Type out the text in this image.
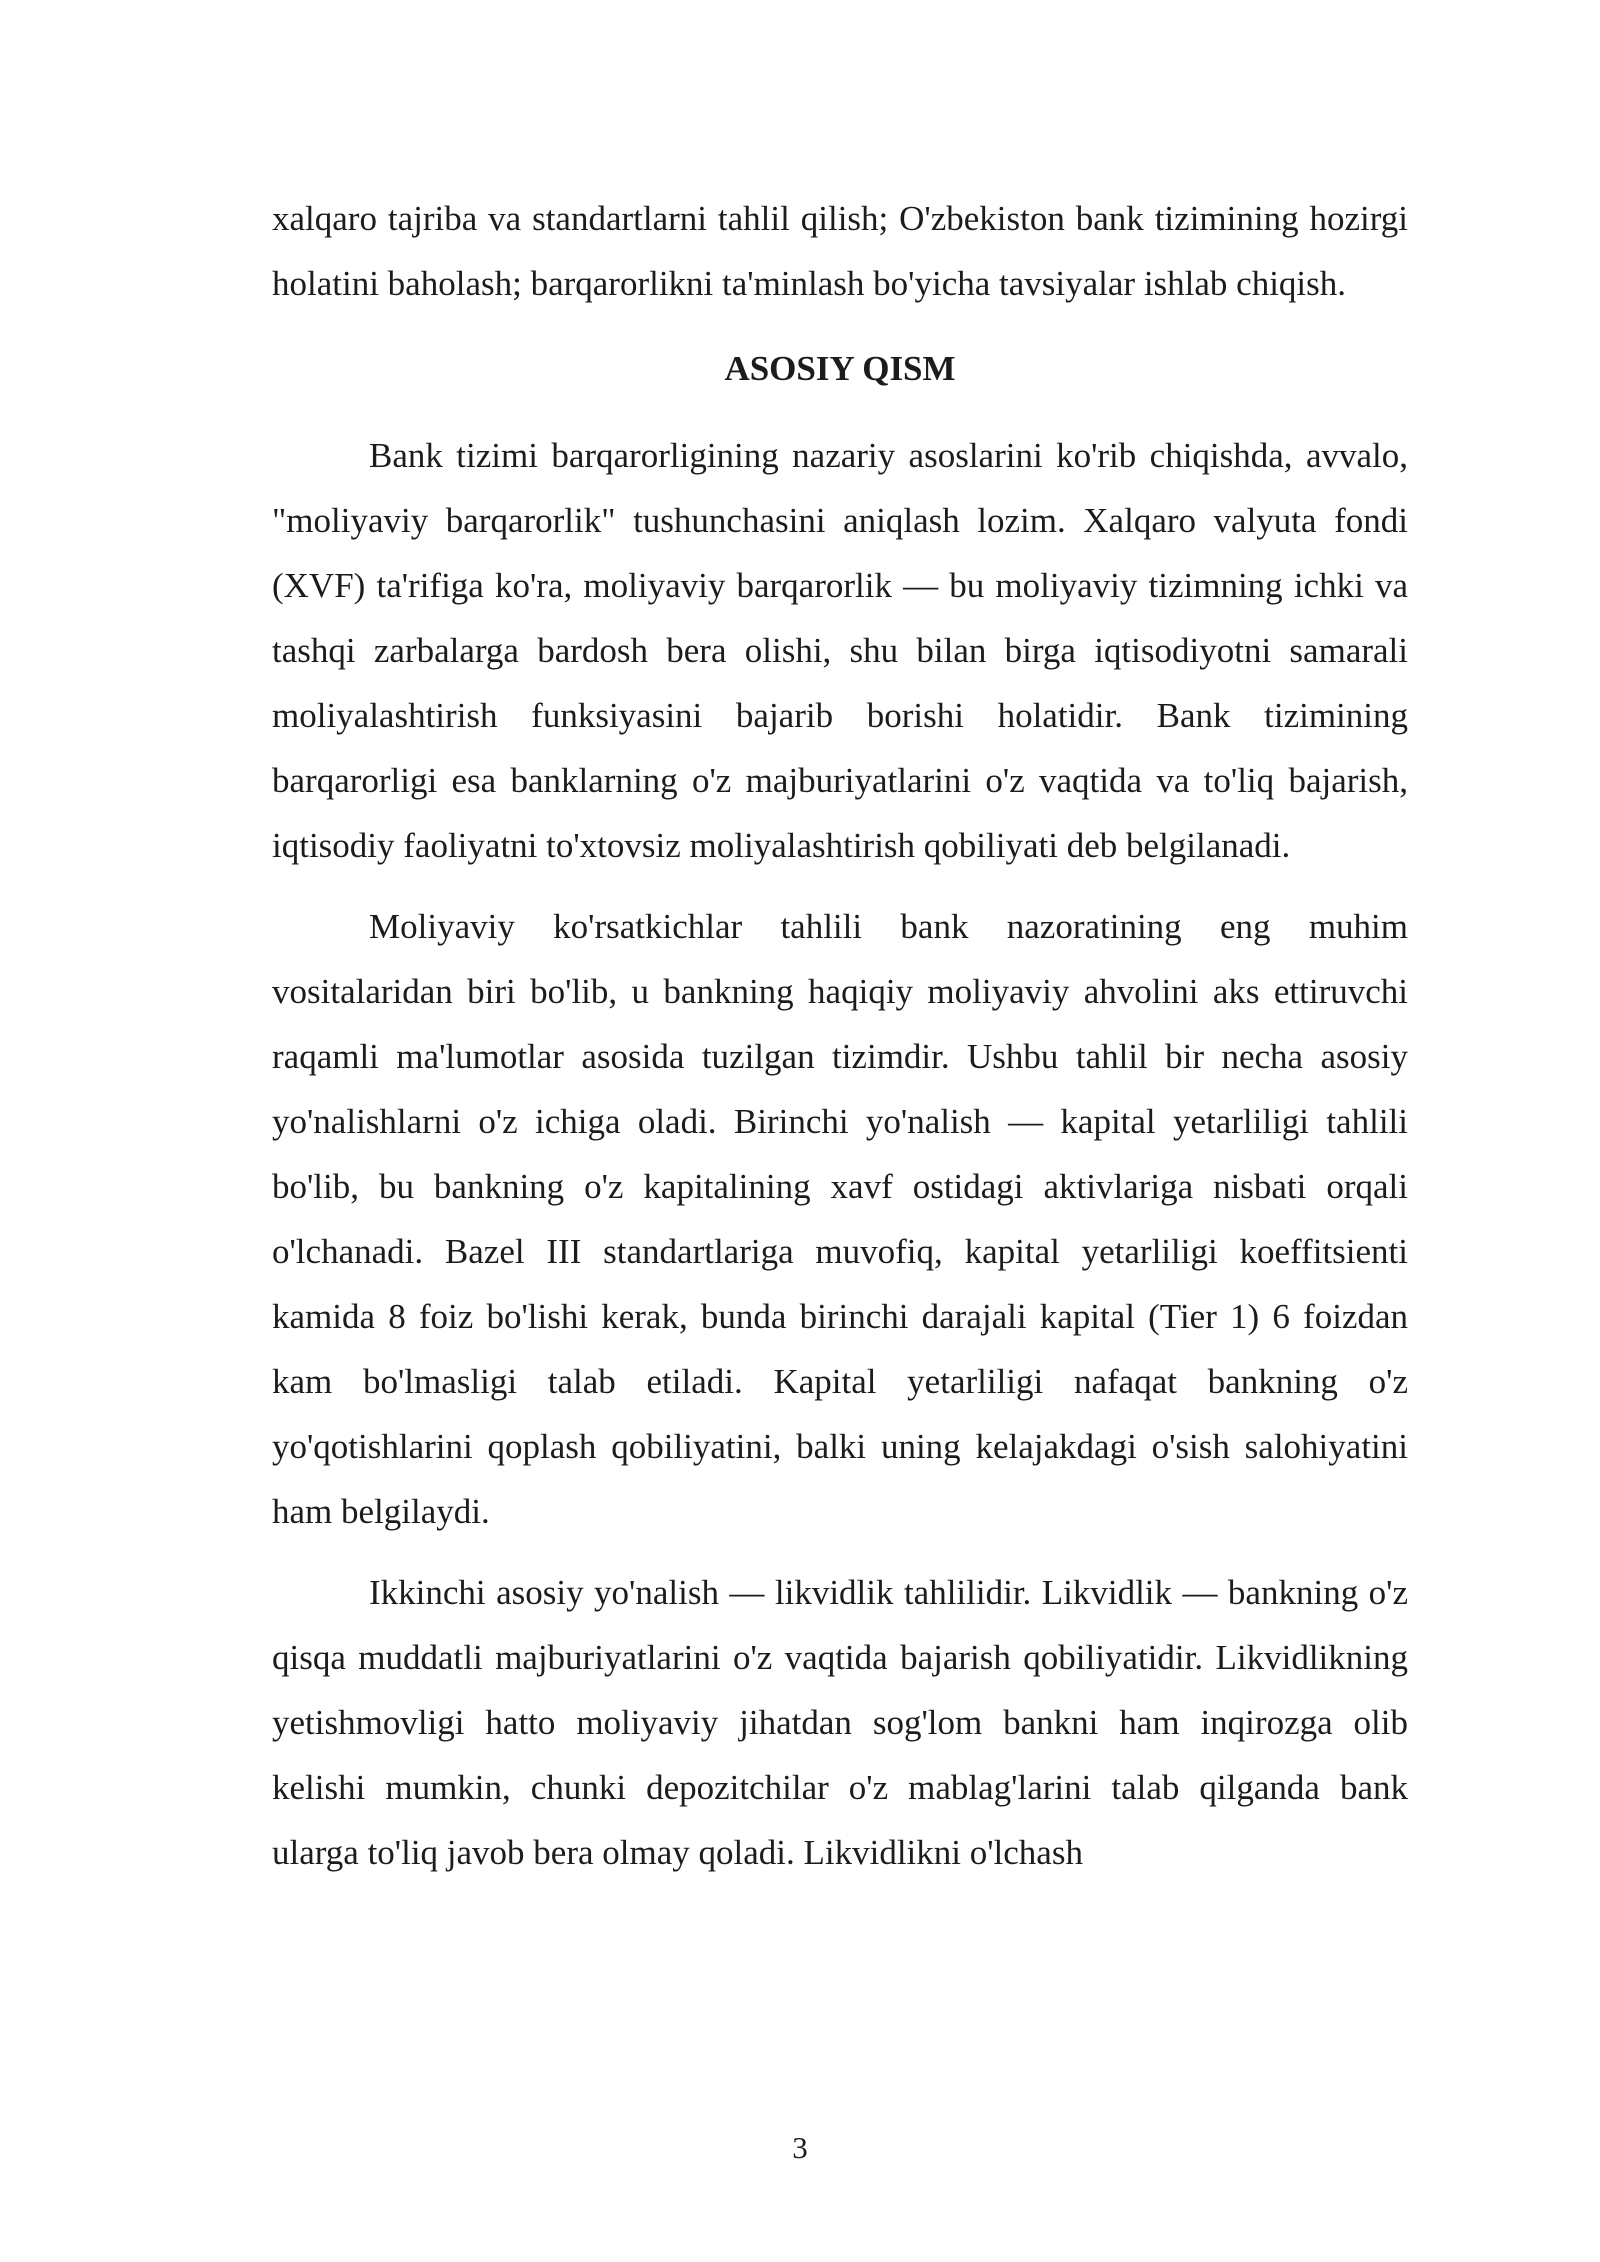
xalqaro tajriba va standartlarni tahlil qilish; O'zbekiston bank tizimining hozirgi holatini baholash; barqarorlikni ta'minlash bo'yicha tavsiyalar ishlab chiqish.

ASOSIY QISM

Bank tizimi barqarorligining nazariy asoslarini ko'rib chiqishda, avvalo, "moliyaviy barqarorlik" tushunchasini aniqlash lozim. Xalqaro valyuta fondi (XVF) ta'rifiga ko'ra, moliyaviy barqarorlik — bu moliyaviy tizimning ichki va tashqi zarbalarga bardosh bera olishi, shu bilan birga iqtisodiyotni samarali moliyalashtirish funksiyasini bajarib borishi holatidir. Bank tizimining barqarorligi esa banklarning o'z majburiyatlarini o'z vaqtida va to'liq bajarish, iqtisodiy faoliyatni to'xtovsiz moliyalashtirish qobiliyati deb belgilanadi.

Moliyaviy ko'rsatkichlar tahlili bank nazoratining eng muhim vositalaridan biri bo'lib, u bankning haqiqiy moliyaviy ahvolini aks ettiruvchi raqamli ma'lumotlar asosida tuzilgan tizimdir. Ushbu tahlil bir necha asosiy yo'nalishlarni o'z ichiga oladi. Birinchi yo'nalish — kapital yetarliligi tahlili bo'lib, bu bankning o'z kapitalining xavf ostidagi aktivlariga nisbati orqali o'lchanadi. Bazel III standartlariga muvofiq, kapital yetarliligi koeffitsienti kamida 8 foiz bo'lishi kerak, bunda birinchi darajali kapital (Tier 1) 6 foizdan kam bo'lmasligi talab etiladi. Kapital yetarliligi nafaqat bankning o'z yo'qotishlarini qoplash qobiliyatini, balki uning kelajakdagi o'sish salohiyatini ham belgilaydi.

Ikkinchi asosiy yo'nalish — likvidlik tahlilidir. Likvidlik — bankning o'z qisqa muddatli majburiyatlarini o'z vaqtida bajarish qobiliyatidir. Likvidlikning yetishmovligi hatto moliyaviy jihatdan sog'lom bankni ham inqirozga olib kelishi mumkin, chunki depozitchilar o'z mablag'larini talab qilganda bank ularga to'liq javob bera olmay qoladi. Likvidlikni o'lchash

3
